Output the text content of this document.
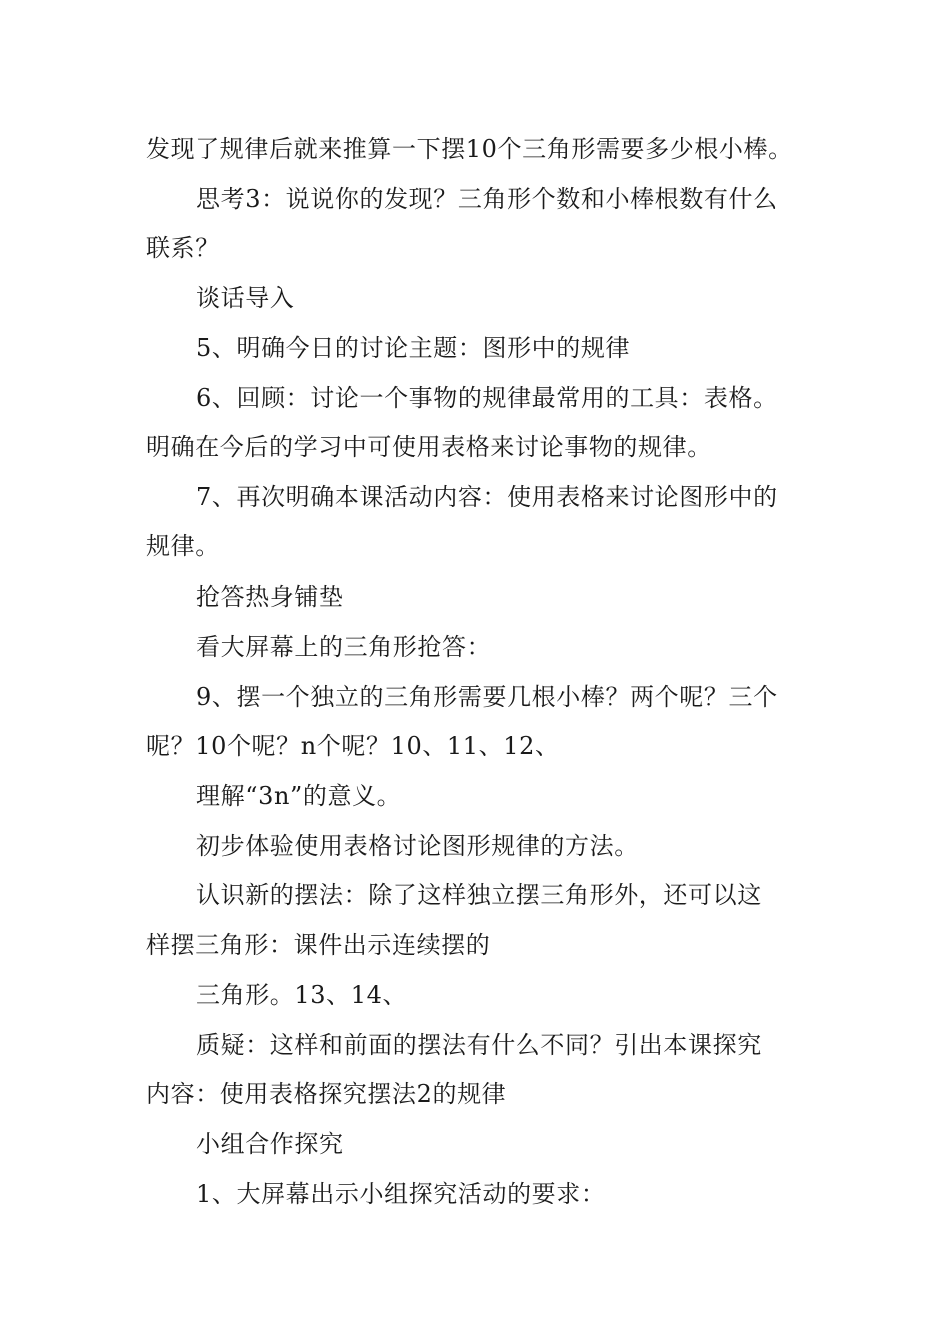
发现了规律后就来推算一下摆10个三角形需要多少根小棒。
思考3：说说你的发现？三角形个数和小棒根数有什么
联系？
谈话导入
5、明确今日的讨论主题：图形中的规律
6、回顾：讨论一个事物的规律最常用的工具：表格。
明确在今后的学习中可使用表格来讨论事物的规律。
7、再次明确本课活动内容：使用表格来讨论图形中的
规律。
抢答热身铺垫
看大屏幕上的三角形抢答：
9、摆一个独立的三角形需要几根小棒？两个呢？三个
呢？10个呢？n个呢？10、11、12、
理解“3n”的意义。
初步体验使用表格讨论图形规律的方法。
认识新的摆法：除了这样独立摆三角形外，还可以这
样摆三角形：课件出示连续摆的
三角形。13、14、
质疑：这样和前面的摆法有什么不同？引出本课探究
内容：使用表格探究摆法2的规律
小组合作探究
1、大屏幕出示小组探究活动的要求：
